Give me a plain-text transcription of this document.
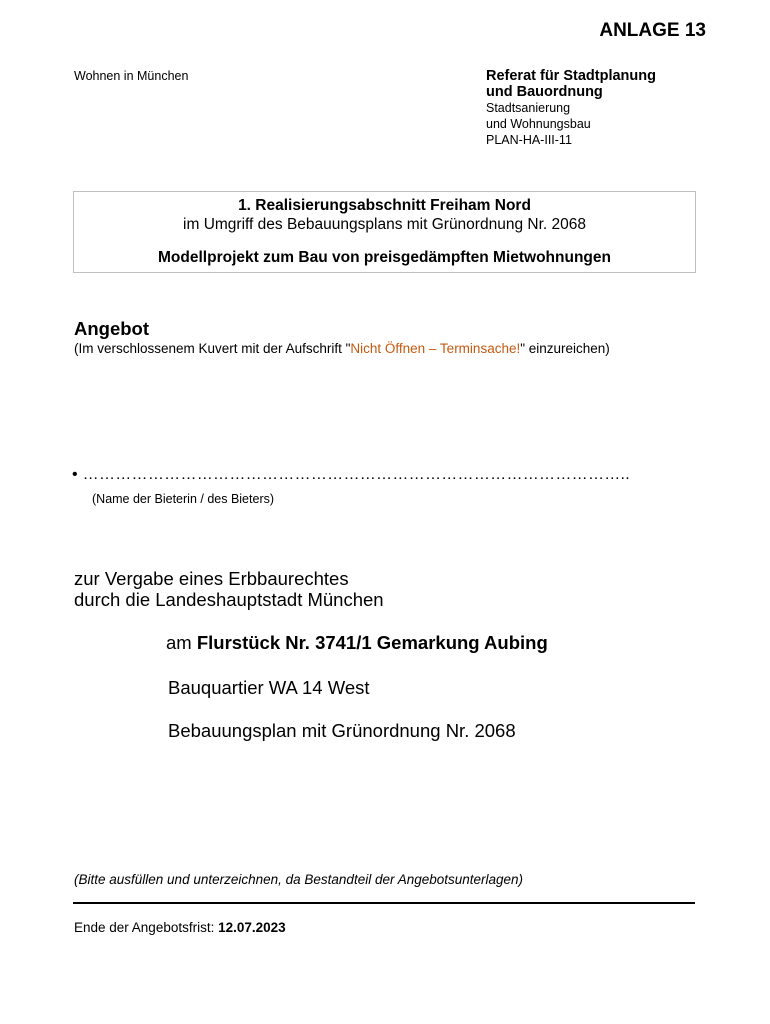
ANLAGE 13
Wohnen in München	Referat für Stadtplanung
und Bauordnung
Stadtsanierung
und Wohnungsbau
PLAN-HA-III-11
1. Realisierungsabschnitt Freiham Nord
im Umgriff des Bebauungsplans mit Grünordnung Nr. 2068
Modellprojekt zum Bau von preisgedämpften Mietwohnungen
Angebot
(Im verschlossenem Kuvert mit der Aufschrift "Nicht Öffnen – Terminsache!" einzureichen)
• ………………………………………………………………………………………..
(Name der Bieterin / des Bieters)
zur Vergabe eines Erbbaurechtes
durch die Landeshauptstadt München
am Flurstück Nr. 3741/1 Gemarkung Aubing
Bauquartier WA 14 West
Bebauungsplan mit Grünordnung Nr. 2068
(Bitte ausfüllen und unterzeichnen, da Bestandteil der Angebotsunterlagen)
Ende der Angebotsfrist: 12.07.2023
